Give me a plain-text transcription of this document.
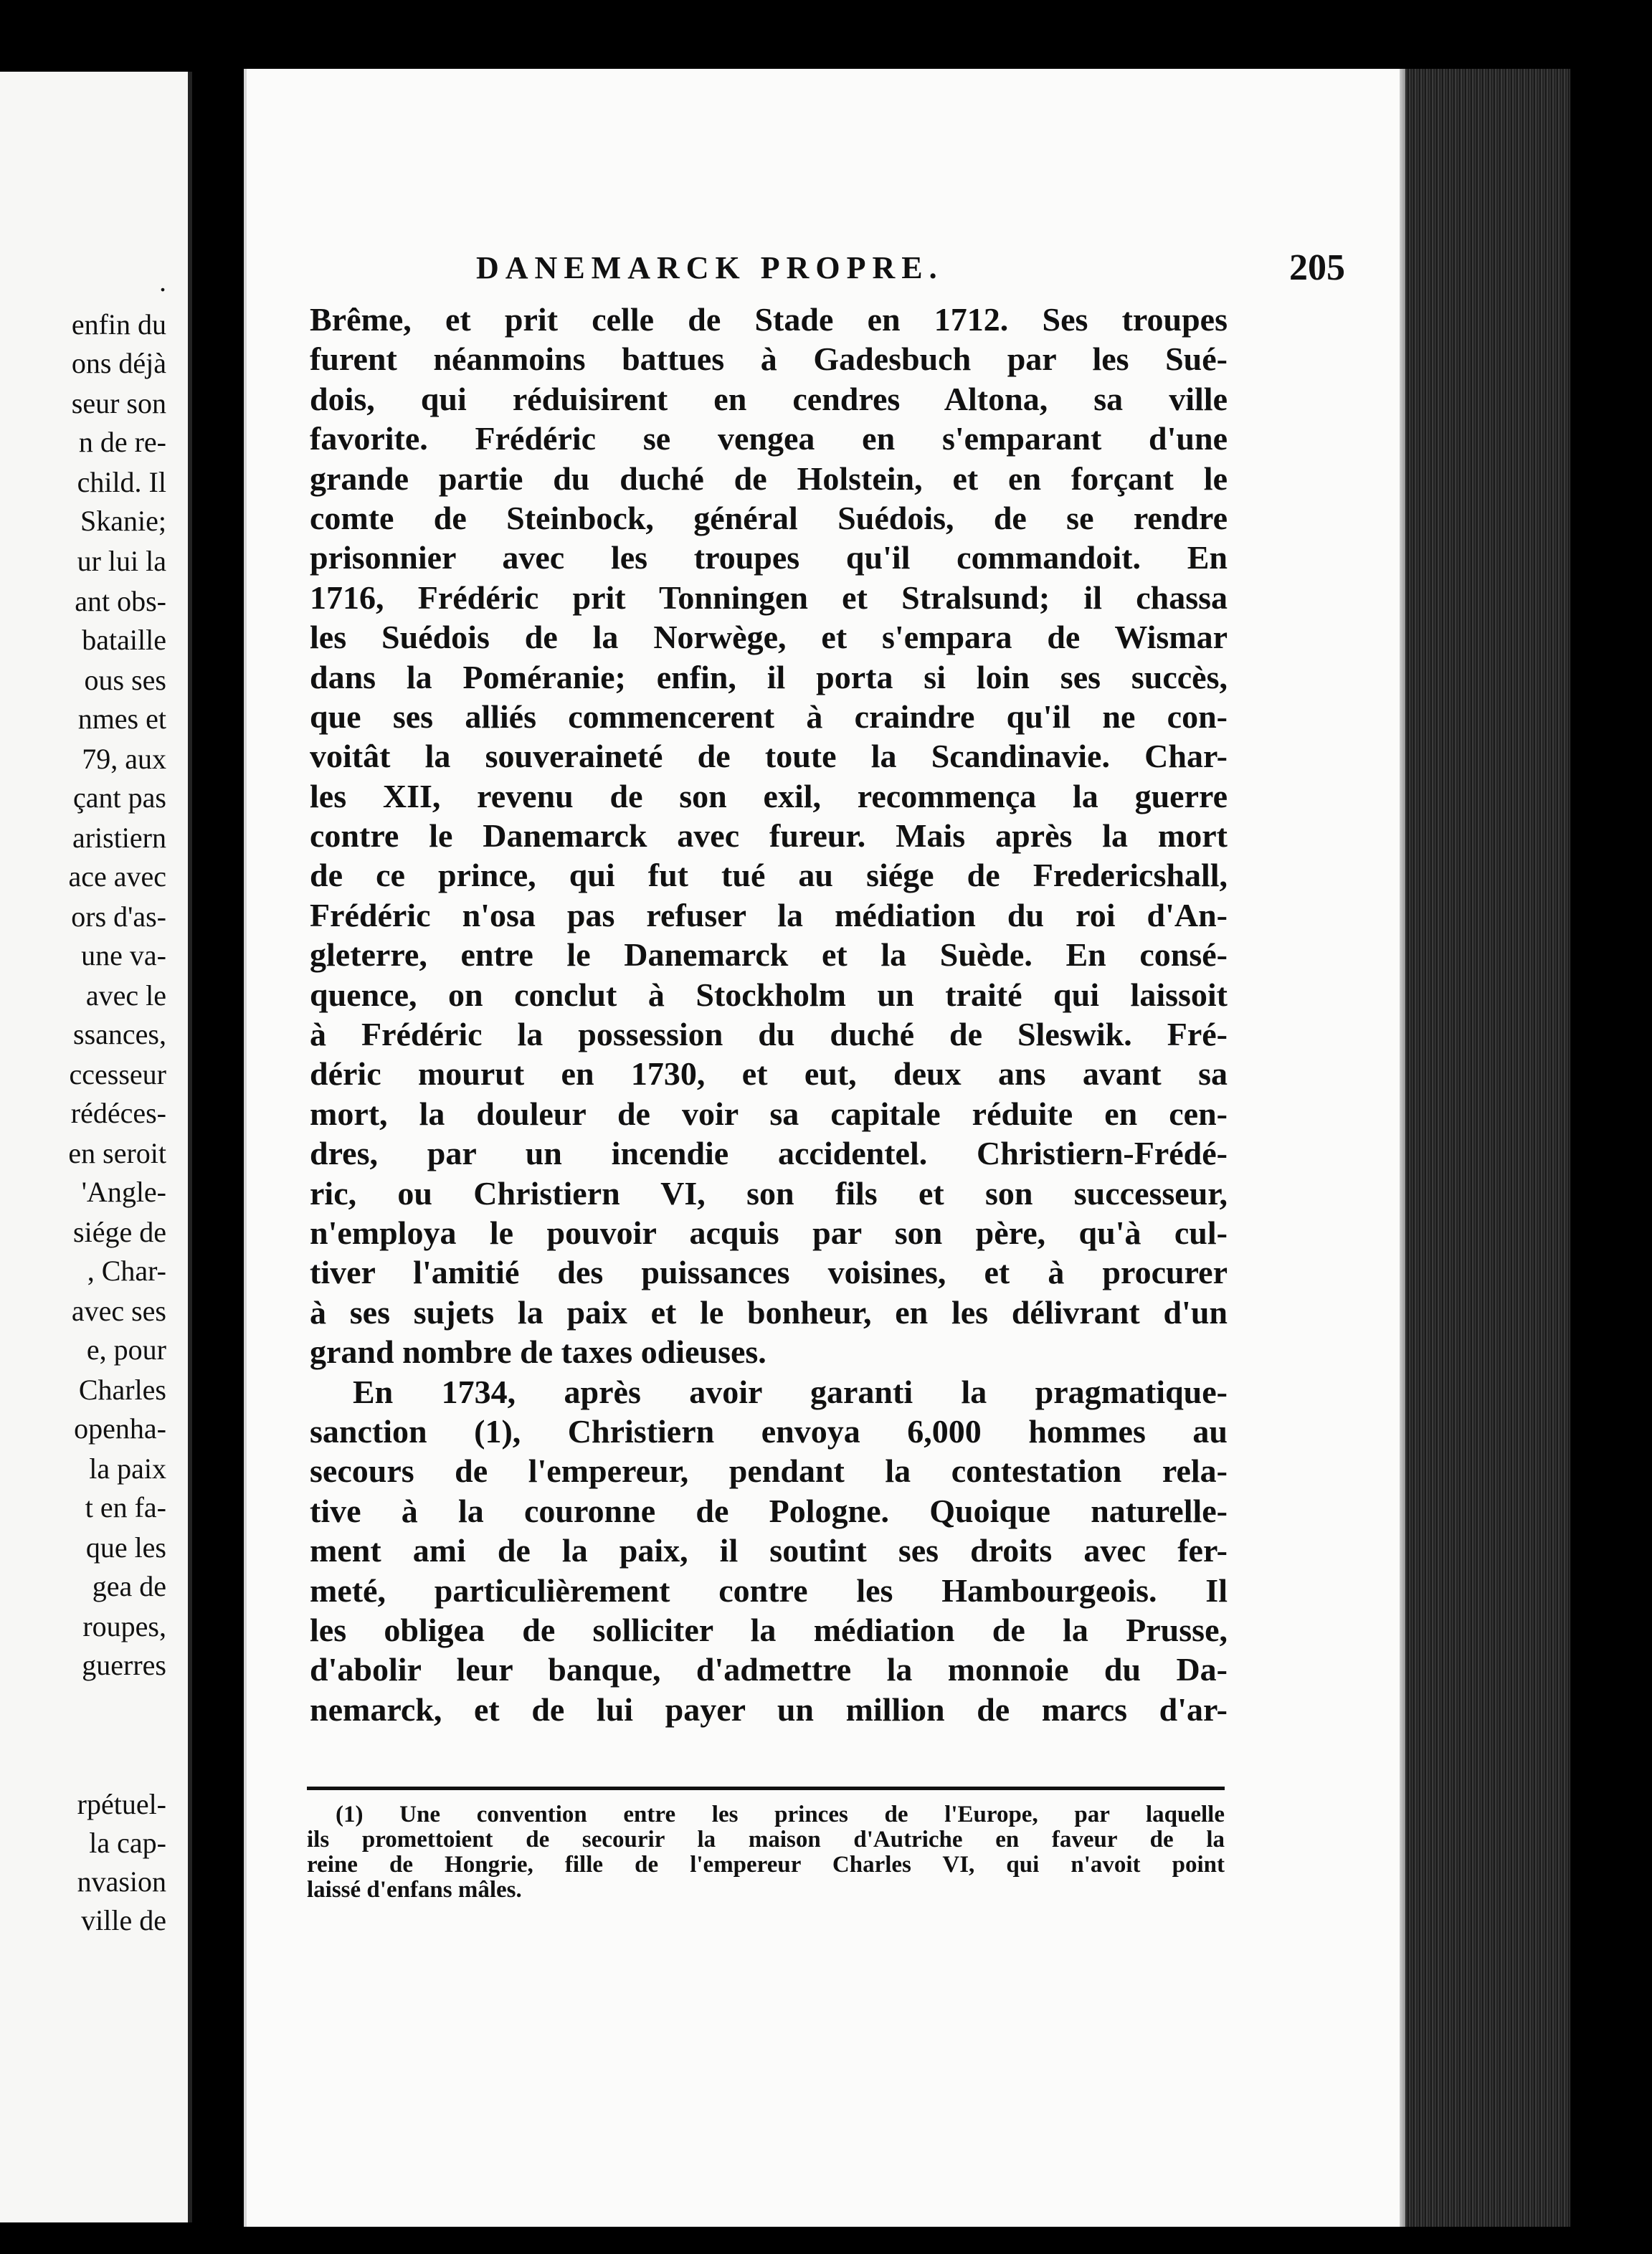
.
enfin du
ons déjà
seur son
n de re-
child. Il
Skanie;
ur lui la
ant obs-
bataille
ous ses
nmes et
79, aux
çant pas
aristiern
ace avec
ors d'as-
une va-
avec le
ssances,
ccesseur
rédéces-
en seroit
'Angle-
siége de
, Char-
avec ses
e, pour
Charles
openha-
la paix
t en fa-
que les
gea de
roupes,
guerres
rpétuel-
la cap-
nvasion
ville de
DANEMARCK PROPRE.	205
Brême, et prit celle de Stade en 1712. Ses troupes
furent néanmoins battues à Gadesbuch par les Sué-
dois, qui réduisirent en cendres Altona, sa ville
favorite. Frédéric se vengea en s'emparant d'une
grande partie du duché de Holstein, et en forçant le
comte de Steinbock, général Suédois, de se rendre
prisonnier avec les troupes qu'il commandoit. En
1716, Frédéric prit Tonningen et Stralsund; il chassa
les Suédois de la Norwège, et s'empara de Wismar
dans la Poméranie; enfin, il porta si loin ses succès,
que ses alliés commencerent à craindre qu'il ne con-
voitât la souveraineté de toute la Scandinavie. Char-
les XII, revenu de son exil, recommença la guerre
contre le Danemarck avec fureur. Mais après la mort
de ce prince, qui fut tué au siége de Fredericshall,
Frédéric n'osa pas refuser la médiation du roi d'An-
gleterre, entre le Danemarck et la Suède. En consé-
quence, on conclut à Stockholm un traité qui laissoit
à Frédéric la possession du duché de Sleswik. Fré-
déric mourut en 1730, et eut, deux ans avant sa
mort, la douleur de voir sa capitale réduite en cen-
dres, par un incendie accidentel. Christiern-Frédé-
ric, ou Christiern VI, son fils et son successeur,
n'employa le pouvoir acquis par son père, qu'à cul-
tiver l'amitié des puissances voisines, et à procurer
à ses sujets la paix et le bonheur, en les délivrant d'un
grand nombre de taxes odieuses.
En 1734, après avoir garanti la pragmatique-
sanction (1), Christiern envoya 6,000 hommes au
secours de l'empereur, pendant la contestation rela-
tive à la couronne de Pologne. Quoique naturelle-
ment ami de la paix, il soutint ses droits avec fer-
meté, particulièrement contre les Hambourgeois. Il
les obligea de solliciter la médiation de la Prusse,
d'abolir leur banque, d'admettre la monnoie du Da-
nemarck, et de lui payer un million de marcs d'ar-
(1) Une convention entre les princes de l'Europe, par laquelle
ils promettoient de secourir la maison d'Autriche en faveur de la
reine de Hongrie, fille de l'empereur Charles VI, qui n'avoit point
laissé d'enfans mâles.
